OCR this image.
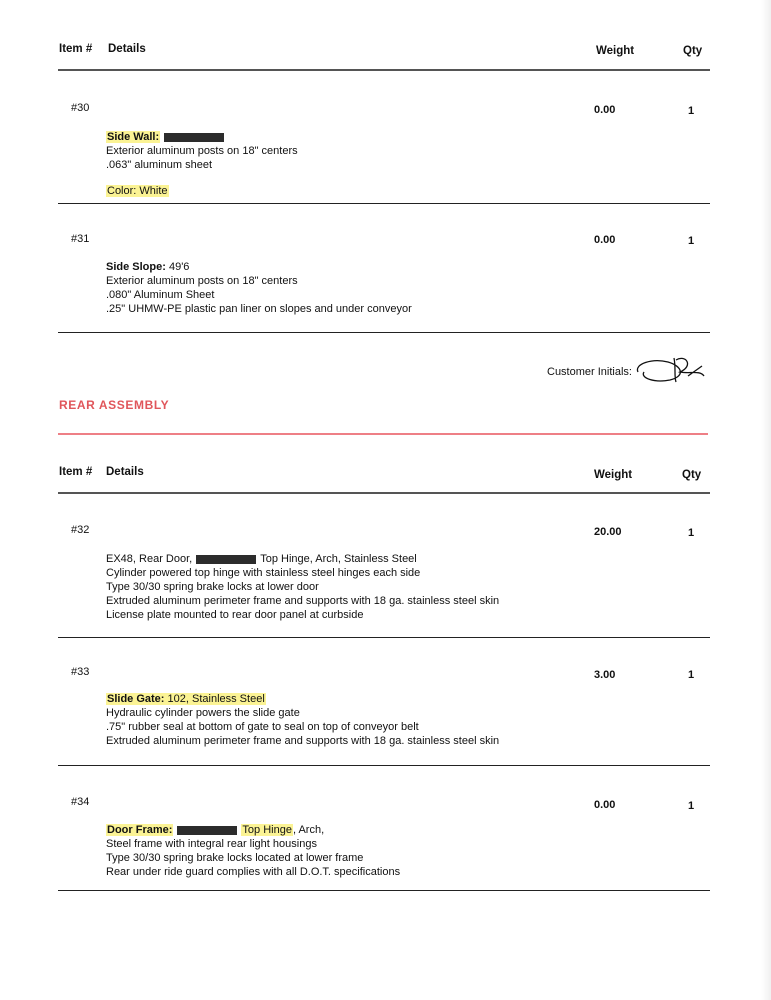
Item # Details	Weight	Qty
#30	0.00	1
Side Wall:
Exterior aluminum posts on 18" centers
.063" aluminum sheet
Color: White
#31	0.00	1
Side Slope: 49'6
Exterior aluminum posts on 18" centers
.080" Aluminum Sheet
.25" UHMW-PE plastic pan liner on slopes and under conveyor
Customer Initials:
REAR ASSEMBLY
Item # Details	Weight	Qty
#32	20.00	1
EX48, Rear Door,	Top Hinge, Arch, Stainless Steel
Cylinder powered top hinge with stainless steel hinges each side
Type 30/30 spring brake locks at lower door
Extruded aluminum perimeter frame and supports with 18 ga. stainless steel skin
License plate mounted to rear door panel at curbside
#33	3.00	1
Slide Gate: 102, Stainless Steel
Hydraulic cylinder powers the slide gate
.75" rubber seal at bottom of gate to seal on top of conveyor belt
Extruded aluminum perimeter frame and supports with 18 ga. stainless steel skin
#34	0.00	1
Door Frame:	Top Hinge, Arch,
Steel frame with integral rear light housings
Type 30/30 spring brake locks located at lower frame
Rear under ride guard complies with all D.O.T. specifications
